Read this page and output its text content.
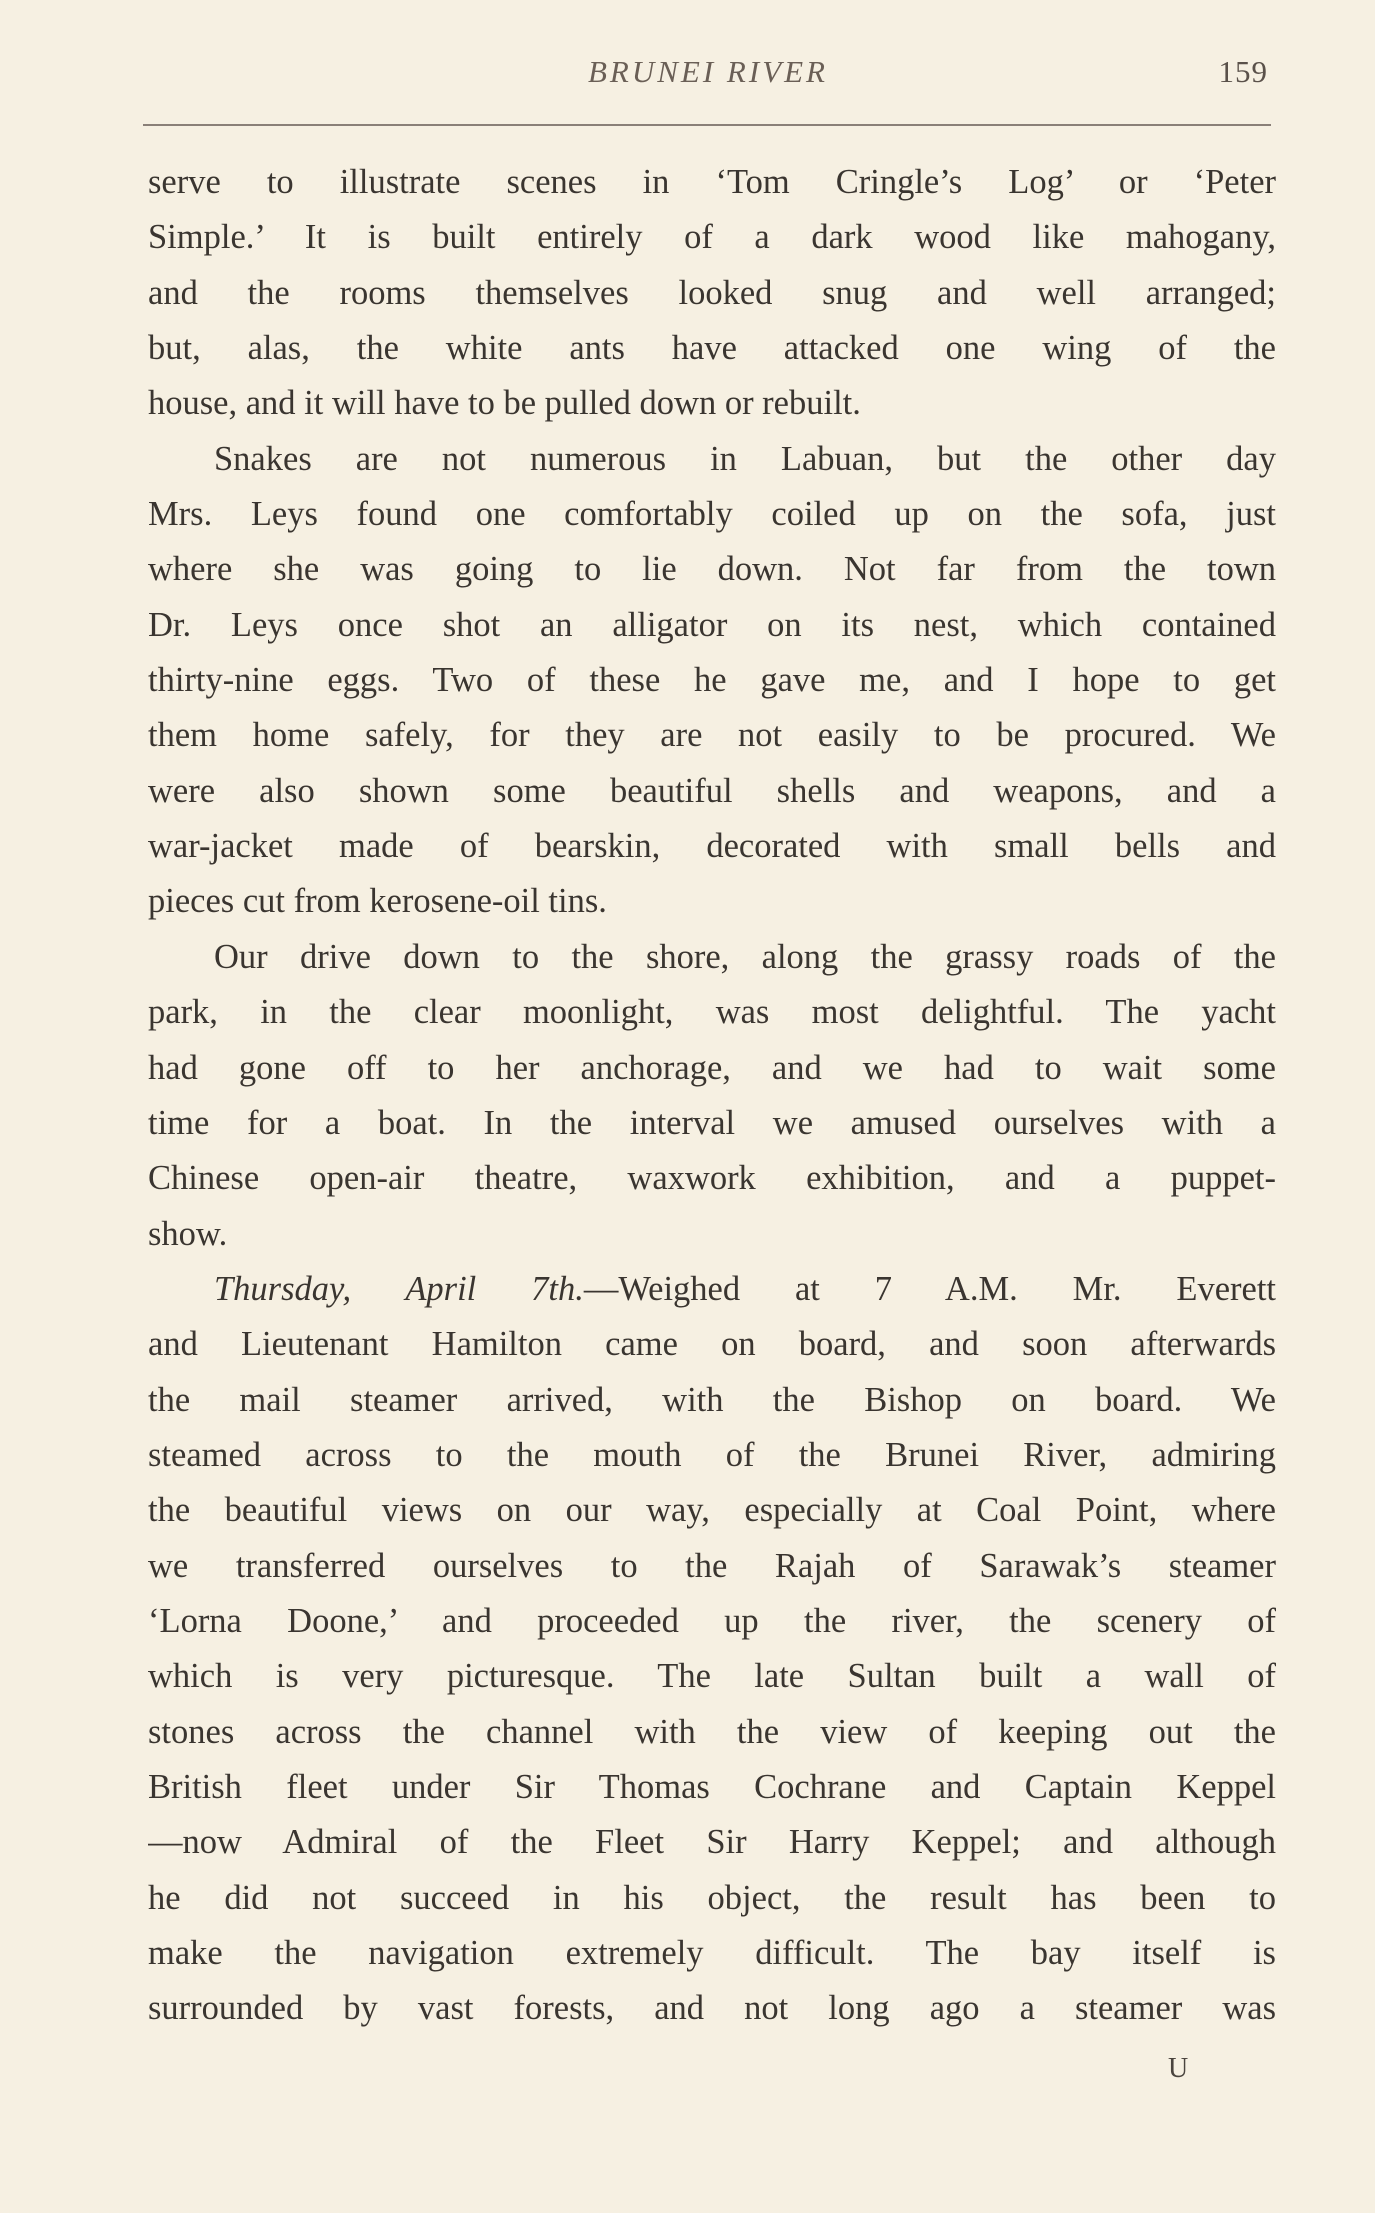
BRUNEI RIVER	159
serve to illustrate scenes in ‘Tom Cringle’s Log’ or ‘Peter
Simple.’ It is built entirely of a dark wood like mahogany,
and the rooms themselves looked snug and well arranged;
but, alas, the white ants have attacked one wing of the
house, and it will have to be pulled down or rebuilt.
Snakes are not numerous in Labuan, but the other day
Mrs. Leys found one comfortably coiled up on the sofa, just
where she was going to lie down. Not far from the town
Dr. Leys once shot an alligator on its nest, which contained
thirty-nine eggs. Two of these he gave me, and I hope to get
them home safely, for they are not easily to be procured. We
were also shown some beautiful shells and weapons, and a
war-jacket made of bearskin, decorated with small bells and
pieces cut from kerosene-oil tins.
Our drive down to the shore, along the grassy roads of the
park, in the clear moonlight, was most delightful. The yacht
had gone off to her anchorage, and we had to wait some
time for a boat. In the interval we amused ourselves with a
Chinese open-air theatre, waxwork exhibition, and a puppet-
show.
Thursday, April 7th.—Weighed at 7 A.M. Mr. Everett
and Lieutenant Hamilton came on board, and soon afterwards
the mail steamer arrived, with the Bishop on board. We
steamed across to the mouth of the Brunei River, admiring
the beautiful views on our way, especially at Coal Point, where
we transferred ourselves to the Rajah of Sarawak’s steamer
‘Lorna Doone,’ and proceeded up the river, the scenery of
which is very picturesque. The late Sultan built a wall of
stones across the channel with the view of keeping out the
British fleet under Sir Thomas Cochrane and Captain Keppel
—now Admiral of the Fleet Sir Harry Keppel; and although
he did not succeed in his object, the result has been to
make the navigation extremely difficult. The bay itself is
surrounded by vast forests, and not long ago a steamer was
U
